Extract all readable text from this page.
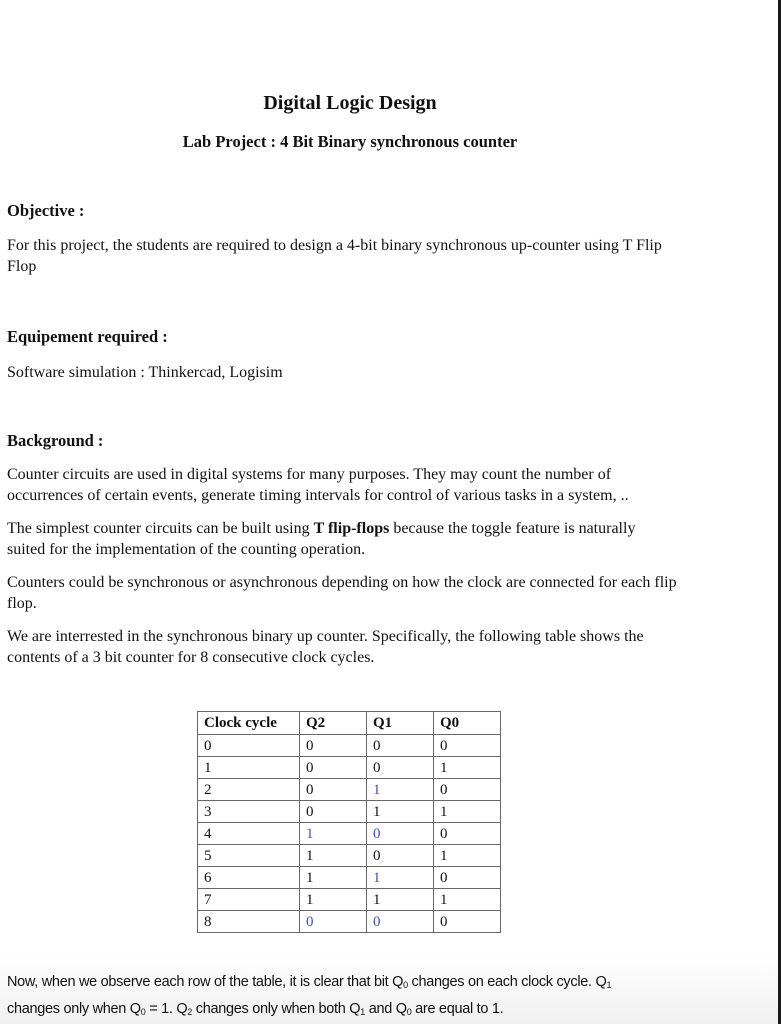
Digital Logic Design
Lab Project : 4 Bit Binary synchronous counter
Objective :
For this project, the students are required to design a 4-bit binary synchronous up-counter using T Flip Flop
Equipement required :
Software simulation : Thinkercad, Logisim
Background :
Counter circuits are used in digital systems for many purposes. They may count the number of occurrences of certain events, generate timing intervals for control of various tasks in a system, ..
The simplest counter circuits can be built using T flip-flops because the toggle feature is naturally suited for the implementation of the counting operation.
Counters could be synchronous or asynchronous depending on how the clock are connected for each flip flop.
We are interrested in the synchronous binary up counter. Specifically, the following table shows the contents of a 3 bit counter for 8 consecutive clock cycles.
Clock cycle	Q2	Q1	Q0
0	0	0	0
1	0	0	1
2	0	1	0
3	0	1	1
4	1	0	0
5	1	0	1
6	1	1	0
7	1	1	1
8	0	0	0
Now, when we observe each row of the table, it is clear that bit $Q_0$ changes on each clock cycle. $Q_1$
changes only when $Q_0 = 1$. $Q_2$ changes only when both $Q_1$ and $Q_0$ are equal to 1.
